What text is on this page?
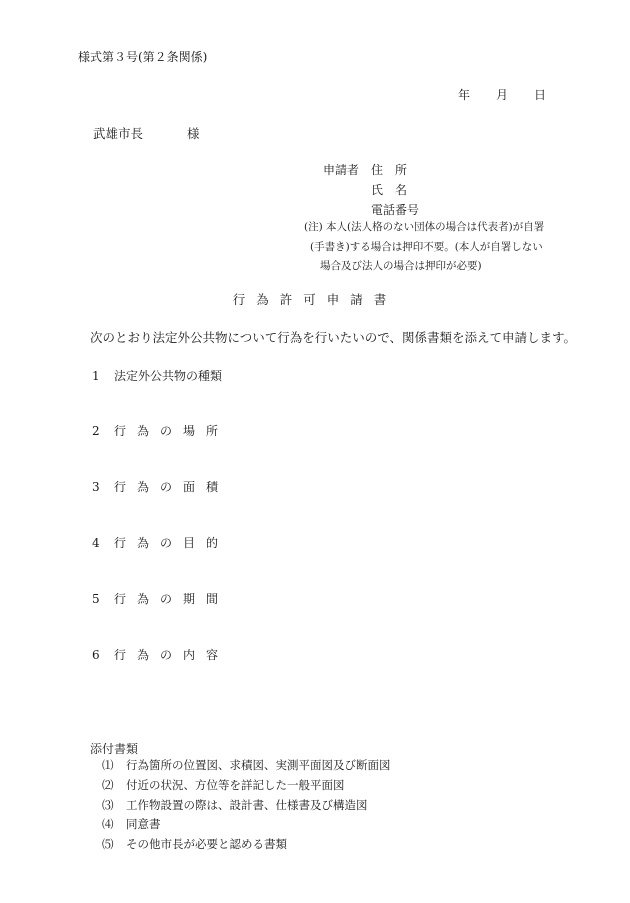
様式第３号(第２条関係)
年 月 日
武雄市長	様
申請者 住　所
氏　名
電話番号
(注) 本人(法人格のない団体の場合は代表者)が自署
(手書き)する場合は押印不要。(本人が自署しない
場合及び法人の場合は押印が必要)
行為許可申請書
次のとおり法定外公共物について行為を行いたいので、関係書類を添えて申請します。
1 法定外公共物の種類
2 行為の場所
3 行為の面積
4 行為の目的
5 行為の期間
6 行為の内容
添付書類
⑴	行為箇所の位置図、求積図、実測平面図及び断面図
⑵	付近の状況、方位等を詳記した一般平面図
⑶	工作物設置の際は、設計書、仕様書及び構造図
⑷	同意書
⑸	その他市長が必要と認める書類
